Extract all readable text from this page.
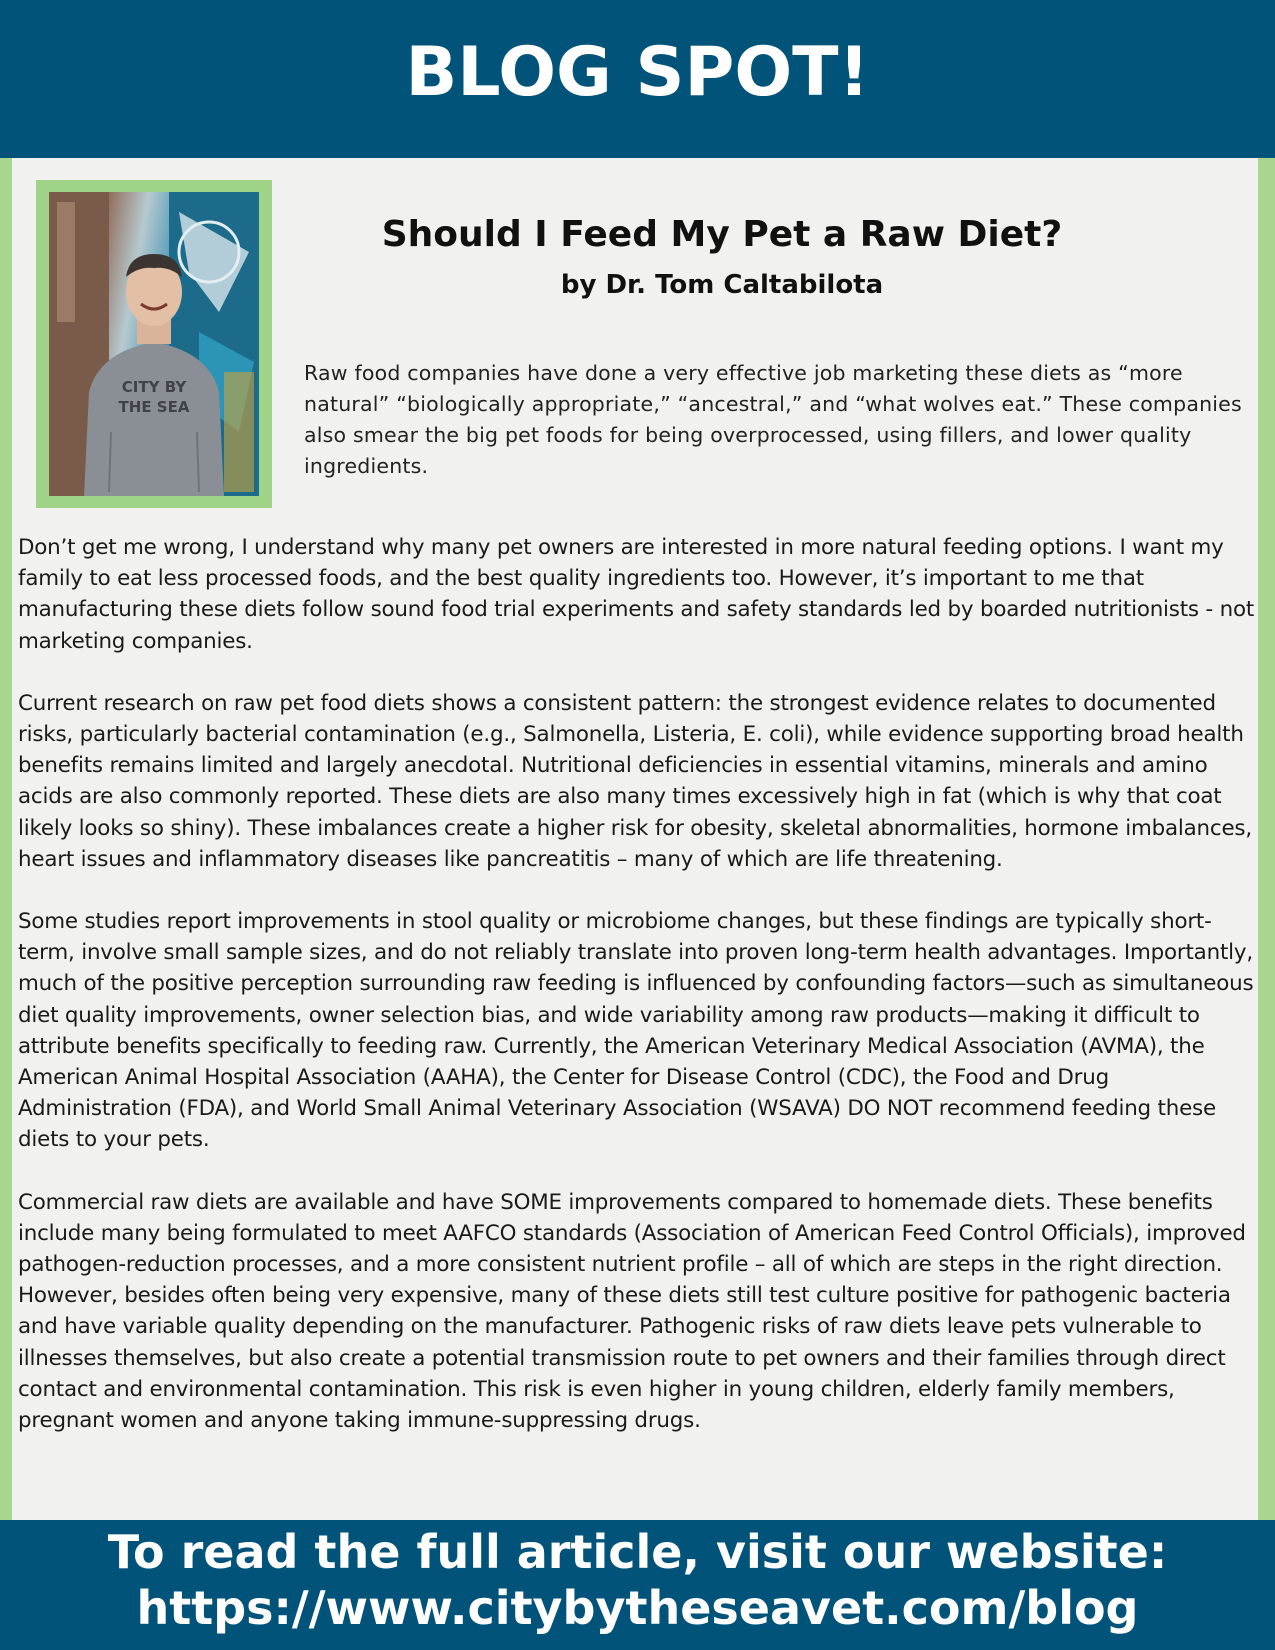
BLOG SPOT!
CITY BY
THE SEA
Should I Feed My Pet a Raw Diet?
by Dr. Tom Caltabilota

Raw food companies have done a very effective job marketing these diets as “more natural” “biologically appropriate,” “ancestral,” and “what wolves eat.” These companies also smear the big pet foods for being overprocessed, using fillers, and lower quality ingredients.

Don’t get me wrong, I understand why many pet owners are interested in more natural feeding options. I want my family to eat less processed foods, and the best quality ingredients too. However, it’s important to me that manufacturing these diets follow sound food trial experiments and safety standards led by boarded nutritionists - not marketing companies.

Current research on raw pet food diets shows a consistent pattern: the strongest evidence relates to documented risks, particularly bacterial contamination (e.g., Salmonella, Listeria, E. coli), while evidence supporting broad health benefits remains limited and largely anecdotal. Nutritional deficiencies in essential vitamins, minerals and amino acids are also commonly reported. These diets are also many times excessively high in fat (which is why that coat likely looks so shiny). These imbalances create a higher risk for obesity, skeletal abnormalities, hormone imbalances, heart issues and inflammatory diseases like pancreatitis – many of which are life threatening.

Some studies report improvements in stool quality or microbiome changes, but these findings are typically short-term, involve small sample sizes, and do not reliably translate into proven long-term health advantages. Importantly, much of the positive perception surrounding raw feeding is influenced by confounding factors—such as simultaneous diet quality improvements, owner selection bias, and wide variability among raw products—making it difficult to attribute benefits specifically to feeding raw. Currently, the American Veterinary Medical Association (AVMA), the American Animal Hospital Association (AAHA), the Center for Disease Control (CDC), the Food and Drug Administration (FDA), and World Small Animal Veterinary Association (WSAVA) DO NOT recommend feeding these diets to your pets.

Commercial raw diets are available and have SOME improvements compared to homemade diets. These benefits include many being formulated to meet AAFCO standards (Association of American Feed Control Officials), improved pathogen-reduction processes, and a more consistent nutrient profile – all of which are steps in the right direction. However, besides often being very expensive, many of these diets still test culture positive for pathogenic bacteria and have variable quality depending on the manufacturer. Pathogenic risks of raw diets leave pets vulnerable to illnesses themselves, but also create a potential transmission route to pet owners and their families through direct contact and environmental contamination. This risk is even higher in young children, elderly family members, pregnant women and anyone taking immune-suppressing drugs.

To read the full article, visit our website:
https://www.citybytheseavet.com/blog
